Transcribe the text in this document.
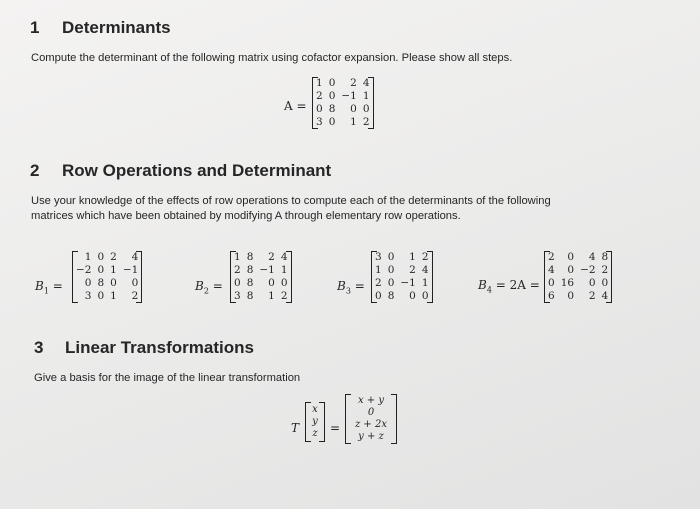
1 Determinants
Compute the determinant of the following matrix using cofactor expansion. Please show all steps.
A =
1 0	2 4
2 0 −1 1
0 8	0 0
3 0	1 2
2 Row Operations and Determinant
Use your knowledge of the effects of row operations to compute each of the determinants of the following
matrices which have been obtained by modifying A through elementary row operations.
$B_1$ =
1 0 2	4
−2 0 1 −1
0 8 0	0
3 0 1	2
$B_2$ =
1 8	2 4
2 8 −1 1
0 8	0 0
3 8	1 2
$B_3$ =
3 0	1 2
1 0	2 4
2 0 −1 1
0 8	0 0
$B_4 = 2A$ =
2	0	4 8
4	0 −2 2
0 16	0 0
6	0	2 4
3 Linear Transformations
Give a basis for the image of the linear transformation
T
x
y
z	=
x + y
0
z + 2x
y + z
